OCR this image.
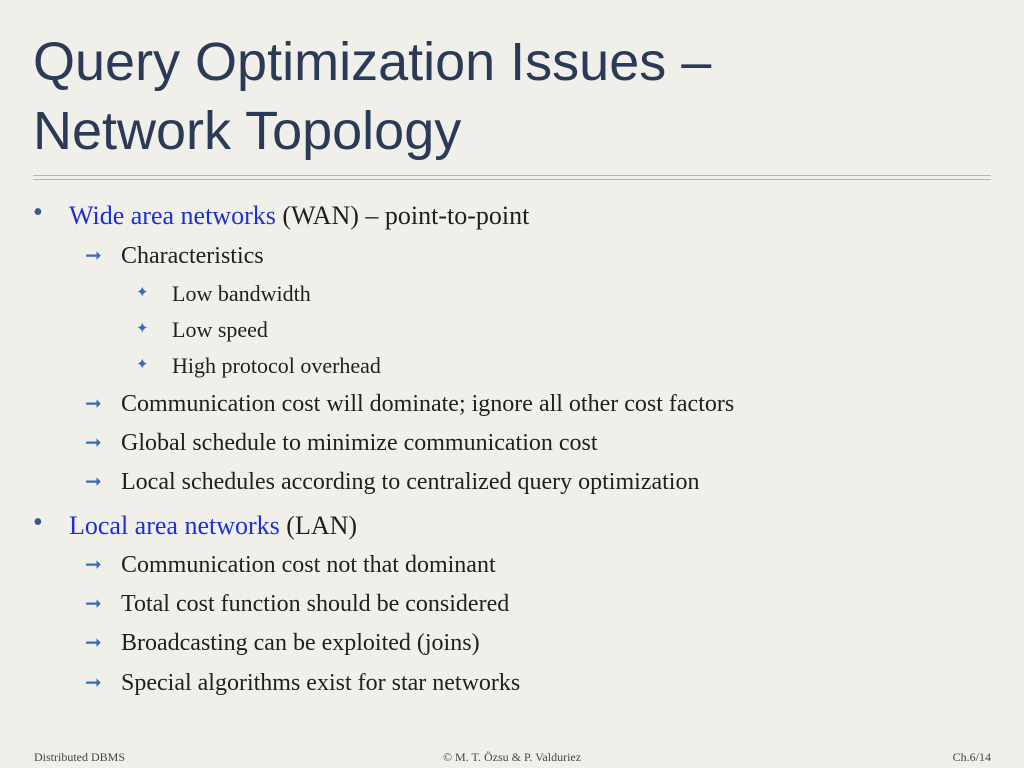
Query Optimization Issues –
Network Topology
• Wide area networks (WAN) – point-to-point
➞ Characteristics
✦ Low bandwidth
✦ Low speed
✦ High protocol overhead
➞ Communication cost will dominate; ignore all other cost factors
➞ Global schedule to minimize communication cost
➞ Local schedules according to centralized query optimization
• Local area networks (LAN)
➞ Communication cost not that dominant
➞ Total cost function should be considered
➞ Broadcasting can be exploited (joins)
➞ Special algorithms exist for star networks
Distributed DBMS	© M. T. Özsu & P. Valduriez	Ch.6/14
